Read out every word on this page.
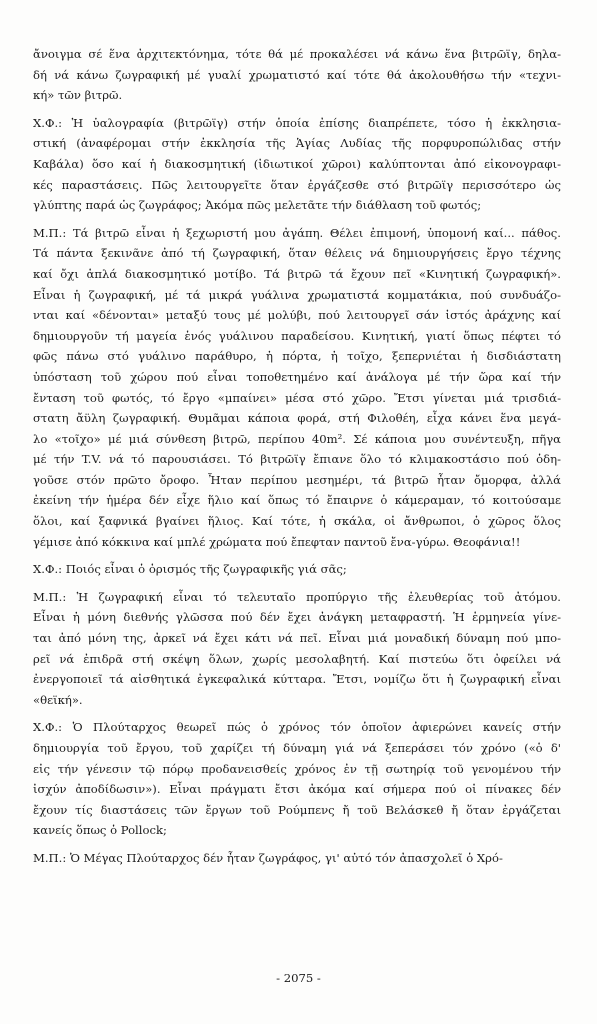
ἄνοιγμα σέ ἕνα ἀρχιτεκτόνημα, τότε θά μέ προκαλέσει νά κάνω ἕνα βιτρῶϊγ, δηλα-
δή νά κάνω ζωγραφική μέ γυαλί χρωματιστό καί τότε θά ἀκολουθήσω τήν «τεχνι-
κή» τῶν βιτρῶ.
Χ.Φ.: Ἡ ὑαλογραφία (βιτρῶϊγ) στήν ὁποία ἐπίσης διαπρέπετε, τόσο ἡ ἐκκλησια-
στική (ἀναφέρομαι στήν ἐκκλησία τῆς Ἁγίας Λυδίας τῆς πορφυροπώλιδας στήν
Καβάλα) ὅσο καί ἡ διακοσμητική (ἰδιωτικοί χῶροι) καλύπτονται ἀπό εἰκονογραφι-
κές παραστάσεις. Πῶς λειτουργεῖτε ὅταν ἐργάζεσθε στό βιτρῶϊγ περισσότερο ὡς
γλύπτης παρά ὡς ζωγράφος; Ἀκόμα πῶς μελετᾶτε τήν διάθλαση τοῦ φωτός;
Μ.Π.: Τά βιτρῶ εἶναι ἡ ξεχωριστή μου ἀγάπη. Θέλει ἐπιμονή, ὑπομονή καί... πάθος.
Τά πάντα ξεκινᾶνε ἀπό τή ζωγραφική, ὅταν θέλεις νά δημιουργήσεις ἔργο τέχνης
καί ὄχι ἁπλά διακοσμητικό μοτίβο. Τά βιτρῶ τά ἔχουν πεῖ «Κινητική ζωγραφική».
Εἶναι ἡ ζωγραφική, μέ τά μικρά γυάλινα χρωματιστά κομματάκια, πού συνδυάζο-
νται καί «δένονται» μεταξύ τους μέ μολύβι, πού λειτουργεῖ σάν ἱστός ἀράχνης καί
δημιουργοῦν τή μαγεία ἑνός γυάλινου παραδείσου. Κινητική, γιατί ὅπως πέφτει τό
φῶς πάνω στό γυάλινο παράθυρο, ἡ πόρτα, ἡ τοῖχο, ξεπερνιέται ἡ δισδιάστατη
ὑπόσταση τοῦ χώρου πού εἶναι τοποθετημένο καί ἀνάλογα μέ τήν ὥρα καί τήν
ἔνταση τοῦ φωτός, τό ἔργο «μπαίνει» μέσα στό χῶρο. Ἔτσι γίνεται μιά τρισδιά-
στατη ἄϋλη ζωγραφική. Θυμᾶμαι κάποια φορά, στή Φιλοθέη, εἶχα κάνει ἕνα μεγά-
λο «τοῖχο» μέ μιά σύνθεση βιτρῶ, περίπου 40m². Σέ κάποια μου συνέντευξη, πῆγα
μέ τήν T.V. νά τό παρουσιάσει. Τό βιτρῶϊγ ἔπιανε ὅλο τό κλιμακοστάσιο πού ὁδη-
γοῦσε στόν πρῶτο ὄροφο. Ἦταν περίπου μεσημέρι, τά βιτρῶ ἦταν ὄμορφα, ἀλλά
ἐκείνη τήν ἡμέρα δέν εἶχε ἥλιο καί ὅπως τό ἔπαιρνε ὁ κάμεραμαν, τό κοιτούσαμε
ὅλοι, καί ξαφνικά βγαίνει ἥλιος. Καί τότε, ἡ σκάλα, οἱ ἄνθρωποι, ὁ χῶρος ὅλος
γέμισε ἀπό κόκκινα καί μπλέ χρώματα πού ἔπεφταν παντοῦ ἔνα-γύρω. Θεοφάνια!!
Χ.Φ.: Ποιός εἶναι ὁ ὁρισμός τῆς ζωγραφικῆς γιά σᾶς;
Μ.Π.: Ἡ ζωγραφική εἶναι τό τελευταῖο προπύργιο τῆς ἐλευθερίας τοῦ ἀτόμου.
Εἶναι ἡ μόνη διεθνής γλῶσσα πού δέν ἔχει ἀνάγκη μεταφραστή. Ἡ ἑρμηνεία γίνε-
ται ἀπό μόνη της, ἀρκεῖ νά ἔχει κάτι νά πεῖ. Εἶναι μιά μοναδική δύναμη πού μπο-
ρεῖ νά ἐπιδρᾶ στή σκέψη ὅλων, χωρίς μεσολαβητή. Καί πιστεύω ὅτι ὀφείλει νά
ἐνεργοποιεῖ τά αἰσθητικά ἐγκεφαλικά κύτταρα. Ἔτσι, νομίζω ὅτι ἡ ζωγραφική εἶναι
«θεϊκή».
Χ.Φ.: Ὁ Πλούταρχος θεωρεῖ πώς ὁ χρόνος τόν ὁποῖον ἀφιερώνει κανείς στήν
δημιουργία τοῦ ἔργου, τοῦ χαρίζει τή δύναμη γιά νά ξεπεράσει τόν χρόνο («ὁ δ'
εἰς τήν γένεσιν τῷ πόρῳ προδανεισθείς χρόνος ἐν τῇ σωτηρίᾳ τοῦ γενομένου τήν
ἰσχύν ἀποδίδωσιν»). Εἶναι πράγματι ἔτσι ἀκόμα καί σήμερα πού οἱ πίνακες δέν
ἔχουν τίς διαστάσεις τῶν ἔργων τοῦ Ρούμπενς ἤ τοῦ Βελάσκεθ ἤ ὅταν ἐργάζεται
κανείς ὅπως ὁ Pollock;
Μ.Π.: Ὁ Μέγας Πλούταρχος δέν ἦταν ζωγράφος, γι' αὐτό τόν ἀπασχολεῖ ὁ Χρό-
- 2075 -
